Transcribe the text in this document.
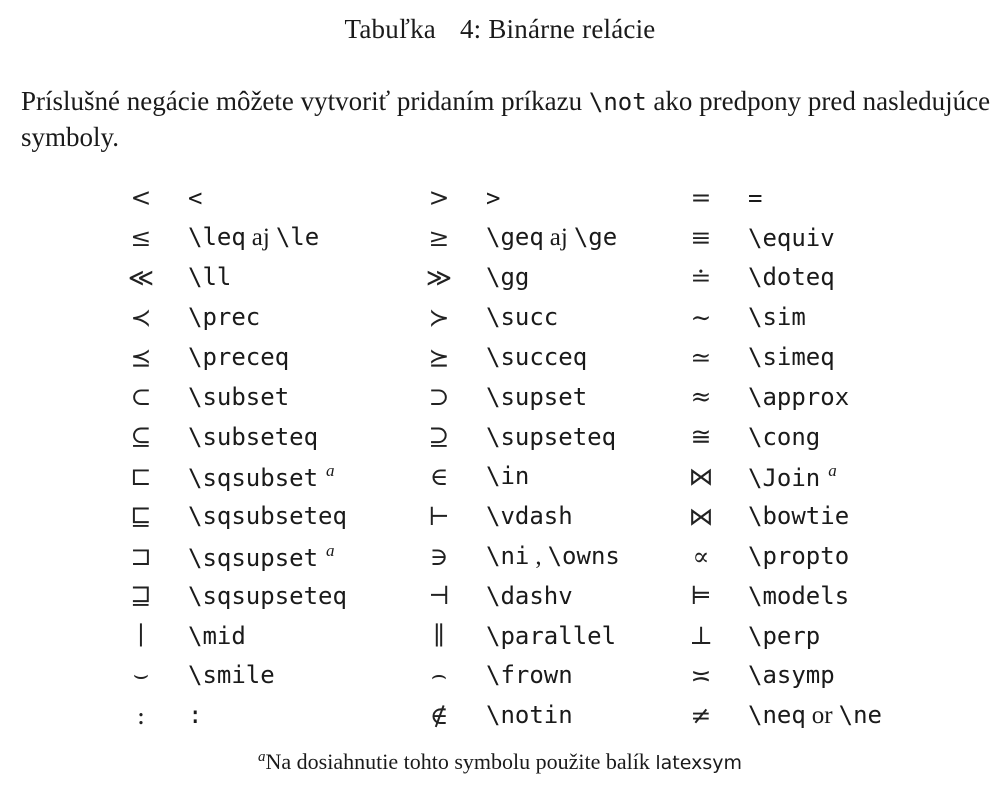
Tabuľka 4: Binárne relácie
Príslušné negácie môžete vytvoriť pridaním príkazu \not ako predpony pred nasledujúce symboly.
<	<	>	>	=	=
≤	\leq aj \le	≥	\geq aj \ge	≡	\equiv
≪	\ll	≫	\gg	≐	\doteq
≺	\prec	≻	\succ	∼	\sim
⪯	\preceq	⪰	\succeq	≃	\simeq
⊂	\subset	⊃	\supset	≈	\approx
⊆	\subseteq	⊇	\supseteq	≅	\cong
⊏	\sqsubset $^a$	∈	\in	⋈	\Join $^a$
⊑	\sqsubseteq	⊢	\vdash	⋈	\bowtie
⊐	\sqsupset $^a$	∋	\ni , \owns	∝	\propto
⊒	\sqsupseteq	⊣	\dashv	⊨	\models
∣	\mid	∥	\parallel	⊥	\perp
⌣	\smile	⌢	\frown	≍	\asymp
:	:	∉	\notin	≠	\neq or \ne
$^a$Na dosiahnutie tohto symbolu použite balík latexsym
